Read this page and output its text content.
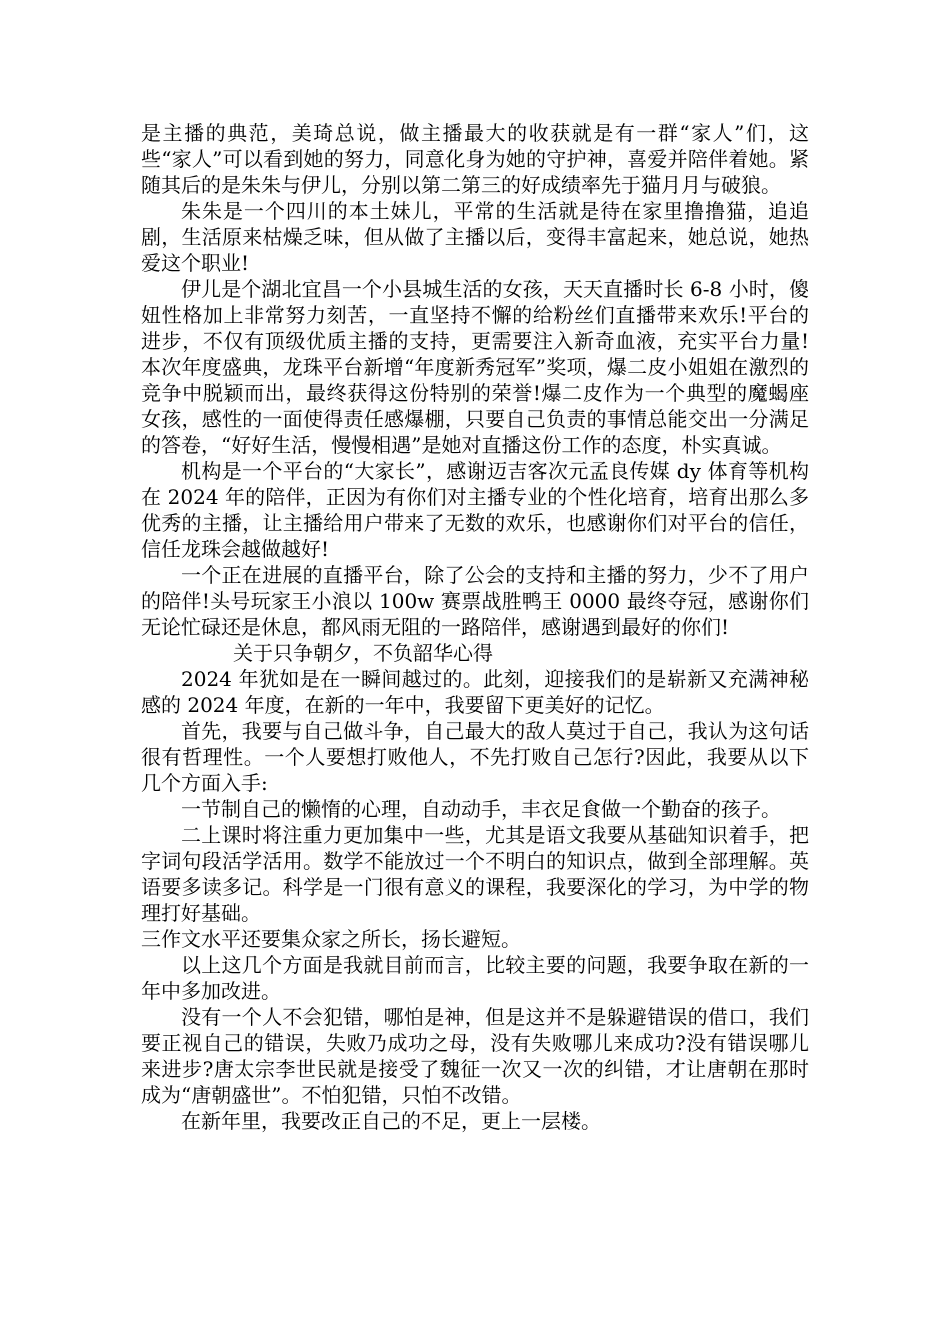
是主播的典范，美琦总说，做主播最大的收获就是有一群“家人”们，这些“家人”可以看到她的努力，同意化身为她的守护神，喜爱并陪伴着她。紧随其后的是朱朱与伊儿，分别以第二第三的好成绩率先于猫月月与破狼。

朱朱是一个四川的本土妹儿，平常的生活就是待在家里撸撸猫，追追剧，生活原来枯燥乏味，但从做了主播以后，变得丰富起来，她总说，她热爱这个职业!

伊儿是个湖北宜昌一个小县城生活的女孩，天天直播时长 6-8 小时，傻妞性格加上非常努力刻苦，一直坚持不懈的给粉丝们直播带来欢乐!平台的进步，不仅有顶级优质主播的支持，更需要注入新奇血液，充实平台力量!本次年度盛典，龙珠平台新增“年度新秀冠军”奖项，爆二皮小姐姐在激烈的竞争中脱颖而出，最终获得这份特别的荣誉!爆二皮作为一个典型的魔蝎座女孩，感性的一面使得责任感爆棚，只要自己负责的事情总能交出一分满足的答卷，“好好生活，慢慢相遇”是她对直播这份工作的态度，朴实真诚。

机构是一个平台的“大家长”，感谢迈吉客次元孟良传媒 dy 体育等机构在 2024 年的陪伴，正因为有你们对主播专业的个性化培育，培育出那么多优秀的主播，让主播给用户带来了无数的欢乐，也感谢你们对平台的信任，信任龙珠会越做越好!

一个正在进展的直播平台，除了公会的支持和主播的努力，少不了用户的陪伴!头号玩家王小浪以 100w 赛票战胜鸭王 0000 最终夺冠，感谢你们无论忙碌还是休息，都风雨无阻的一路陪伴，感谢遇到最好的你们!

关于只争朝夕，不负韶华心得

2024 年犹如是在一瞬间越过的。此刻，迎接我们的是崭新又充满神秘感的 2024 年度，在新的一年中，我要留下更美好的记忆。

首先，我要与自己做斗争，自己最大的敌人莫过于自己，我认为这句话很有哲理性。一个人要想打败他人，不先打败自己怎行?因此，我要从以下几个方面入手:

一节制自己的懒惰的心理，自动动手，丰衣足食做一个勤奋的孩子。

二上课时将注重力更加集中一些，尤其是语文我要从基础知识着手，把字词句段活学活用。数学不能放过一个不明白的知识点，做到全部理解。英语要多读多记。科学是一门很有意义的课程，我要深化的学习，为中学的物理打好基础。

三作文水平还要集众家之所长，扬长避短。

以上这几个方面是我就目前而言，比较主要的问题，我要争取在新的一年中多加改进。

没有一个人不会犯错，哪怕是神，但是这并不是躲避错误的借口，我们要正视自己的错误，失败乃成功之母，没有失败哪儿来成功?没有错误哪儿来进步?唐太宗李世民就是接受了魏征一次又一次的纠错，才让唐朝在那时成为“唐朝盛世”。不怕犯错，只怕不改错。

在新年里，我要改正自己的不足，更上一层楼。
